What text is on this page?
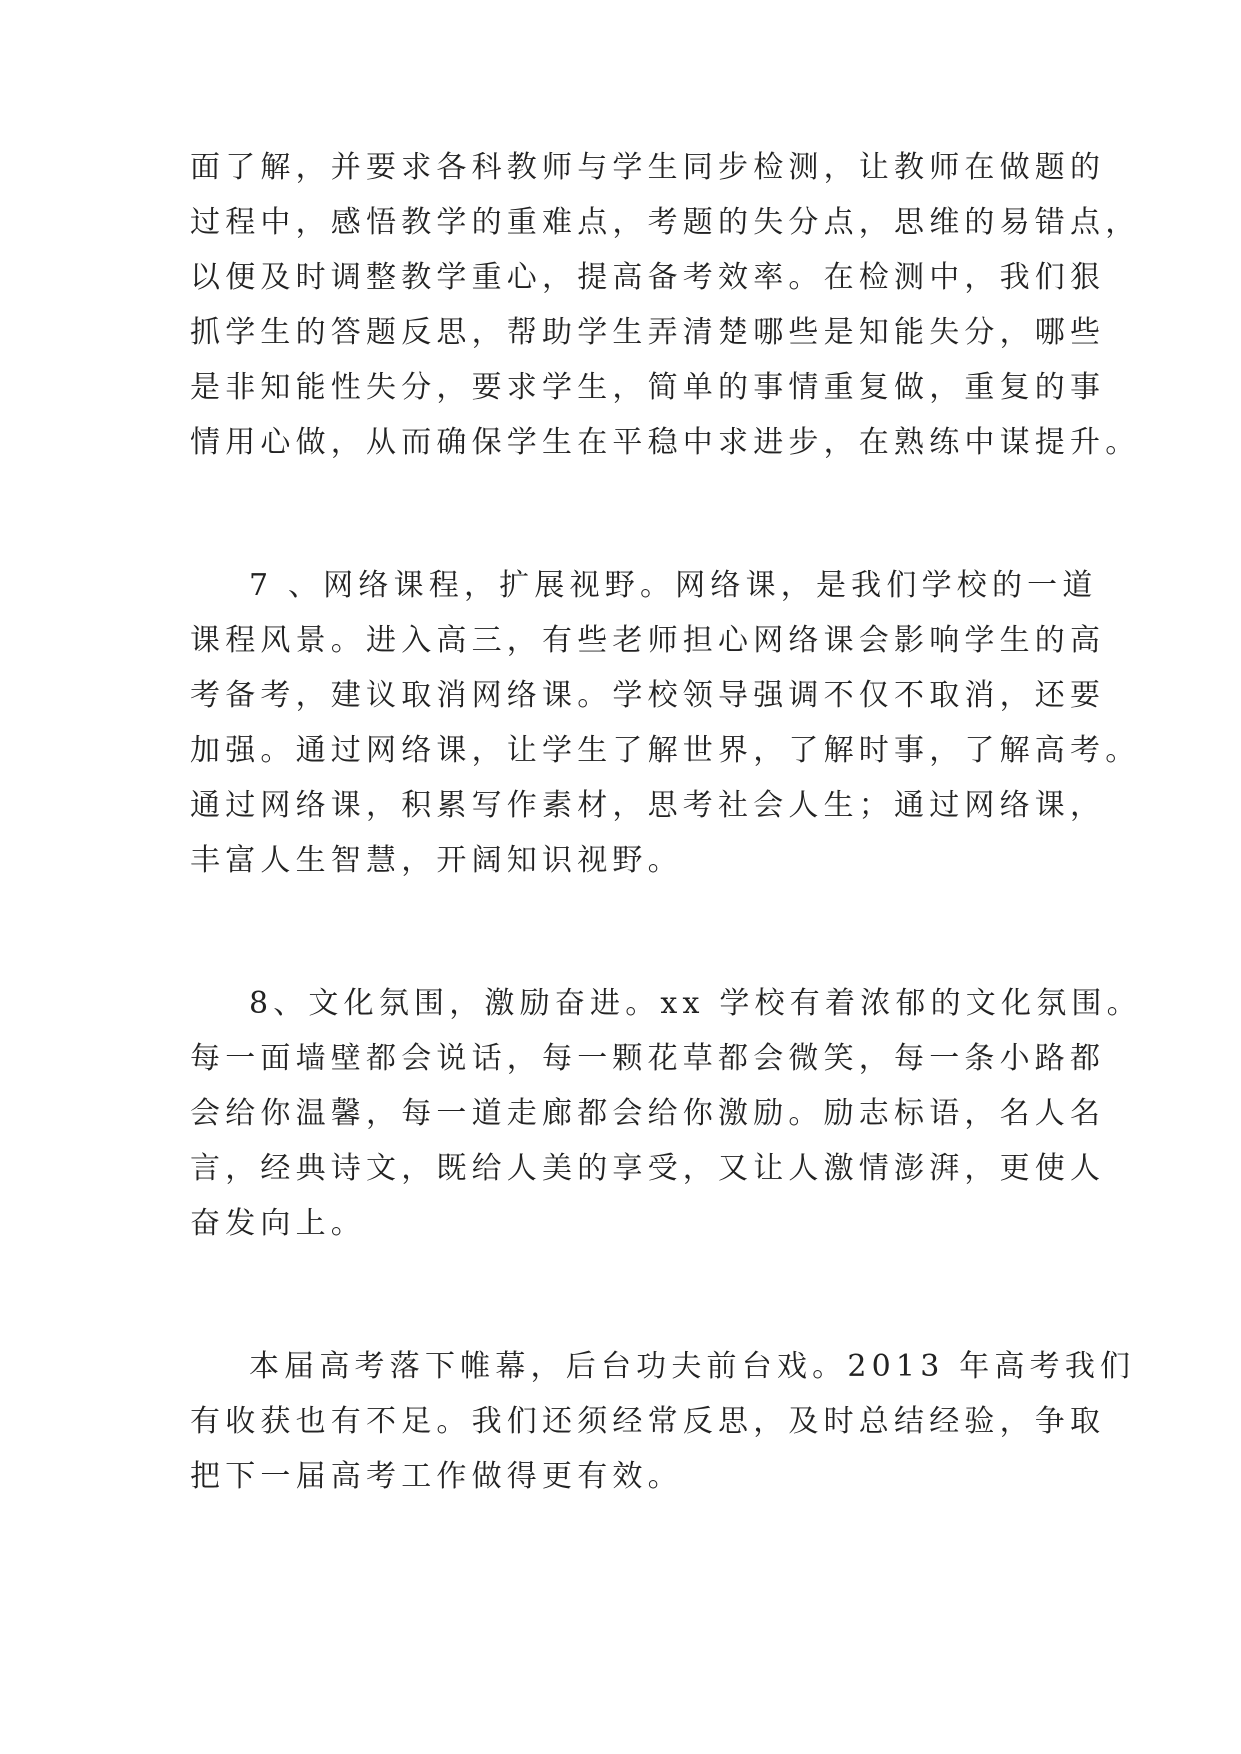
面了解，并要求各科教师与学生同步检测，让教师在做题的
过程中，感悟教学的重难点，考题的失分点，思维的易错点，
以便及时调整教学重心，提高备考效率。在检测中，我们狠
抓学生的答题反思，帮助学生弄清楚哪些是知能失分，哪些
是非知能性失分，要求学生，简单的事情重复做，重复的事
情用心做，从而确保学生在平稳中求进步，在熟练中谋提升。
7 、网络课程，扩展视野。网络课，是我们学校的一道
课程风景。进入高三，有些老师担心网络课会影响学生的高
考备考，建议取消网络课。学校领导强调不仅不取消，还要
加强。通过网络课，让学生了解世界，了解时事，了解高考。
通过网络课，积累写作素材，思考社会人生；通过网络课，
丰富人生智慧，开阔知识视野。
8、文化氛围，激励奋进。xx 学校有着浓郁的文化氛围。
每一面墙壁都会说话，每一颗花草都会微笑，每一条小路都
会给你温馨，每一道走廊都会给你激励。励志标语，名人名
言，经典诗文，既给人美的享受，又让人激情澎湃，更使人
奋发向上。
本届高考落下帷幕，后台功夫前台戏。2013 年高考我们
有收获也有不足。我们还须经常反思，及时总结经验，争取
把下一届高考工作做得更有效。
